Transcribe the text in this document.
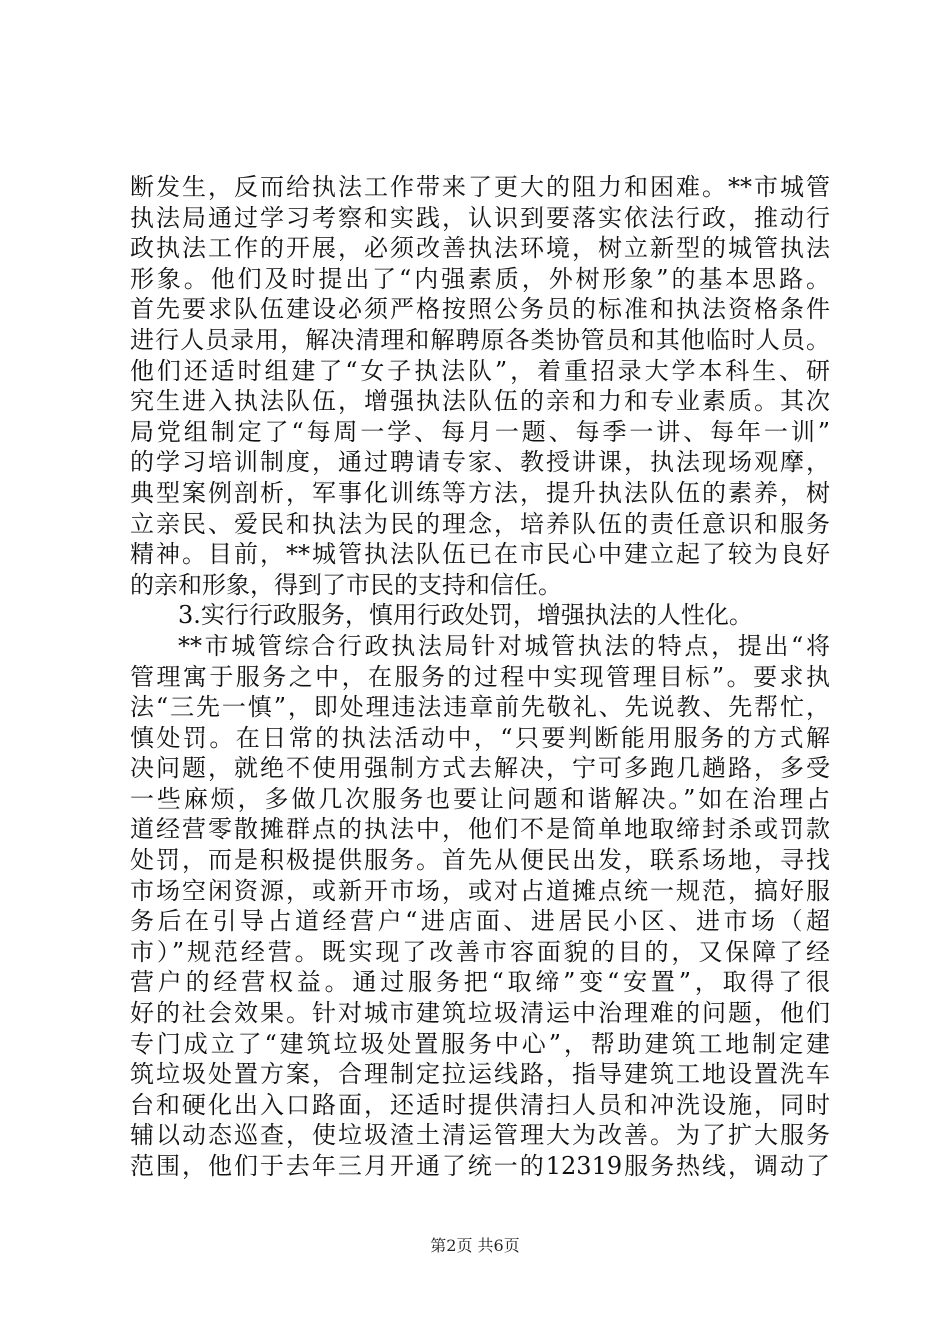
断发生，反而给执法工作带来了更大的阻力和困难。**市城管
执法局通过学习考察和实践，认识到要落实依法行政，推动行
政执法工作的开展，必须改善执法环境，树立新型的城管执法
形象。他们及时提出了“内强素质，外树形象”的基本思路。
首先要求队伍建设必须严格按照公务员的标准和执法资格条件
进行人员录用，解决清理和解聘原各类协管员和其他临时人员。
他们还适时组建了“女子执法队”，着重招录大学本科生、研
究生进入执法队伍，增强执法队伍的亲和力和专业素质。其次
局党组制定了“每周一学、每月一题、每季一讲、每年一训”
的学习培训制度，通过聘请专家、教授讲课，执法现场观摩，
典型案例剖析，军事化训练等方法，提升执法队伍的素养，树
立亲民、爱民和执法为民的理念，培养队伍的责任意识和服务
精神。目前，**城管执法队伍已在市民心中建立起了较为良好
的亲和形象，得到了市民的支持和信任。
3.实行行政服务，慎用行政处罚，增强执法的人性化。
**市城管综合行政执法局针对城管执法的特点，提出“将
管理寓于服务之中，在服务的过程中实现管理目标”。要求执
法“三先一慎”，即处理违法违章前先敬礼、先说教、先帮忙，
慎处罚。在日常的执法活动中，“只要判断能用服务的方式解
决问题，就绝不使用强制方式去解决，宁可多跑几趟路，多受
一些麻烦，多做几次服务也要让问题和谐解决。”如在治理占
道经营零散摊群点的执法中，他们不是简单地取缔封杀或罚款
处罚，而是积极提供服务。首先从便民出发，联系场地，寻找
市场空闲资源，或新开市场，或对占道摊点统一规范，搞好服
务后在引导占道经营户“进店面、进居民小区、进市场（超
市）”规范经营。既实现了改善市容面貌的目的，又保障了经
营户的经营权益。通过服务把“取缔”变“安置”，取得了很
好的社会效果。针对城市建筑垃圾清运中治理难的问题，他们
专门成立了“建筑垃圾处置服务中心”，帮助建筑工地制定建
筑垃圾处置方案，合理制定拉运线路，指导建筑工地设置洗车
台和硬化出入口路面，还适时提供清扫人员和冲洗设施，同时
辅以动态巡查，使垃圾渣土清运管理大为改善。为了扩大服务
范围，他们于去年三月开通了统一的12319服务热线，调动了
第2页 共6页
